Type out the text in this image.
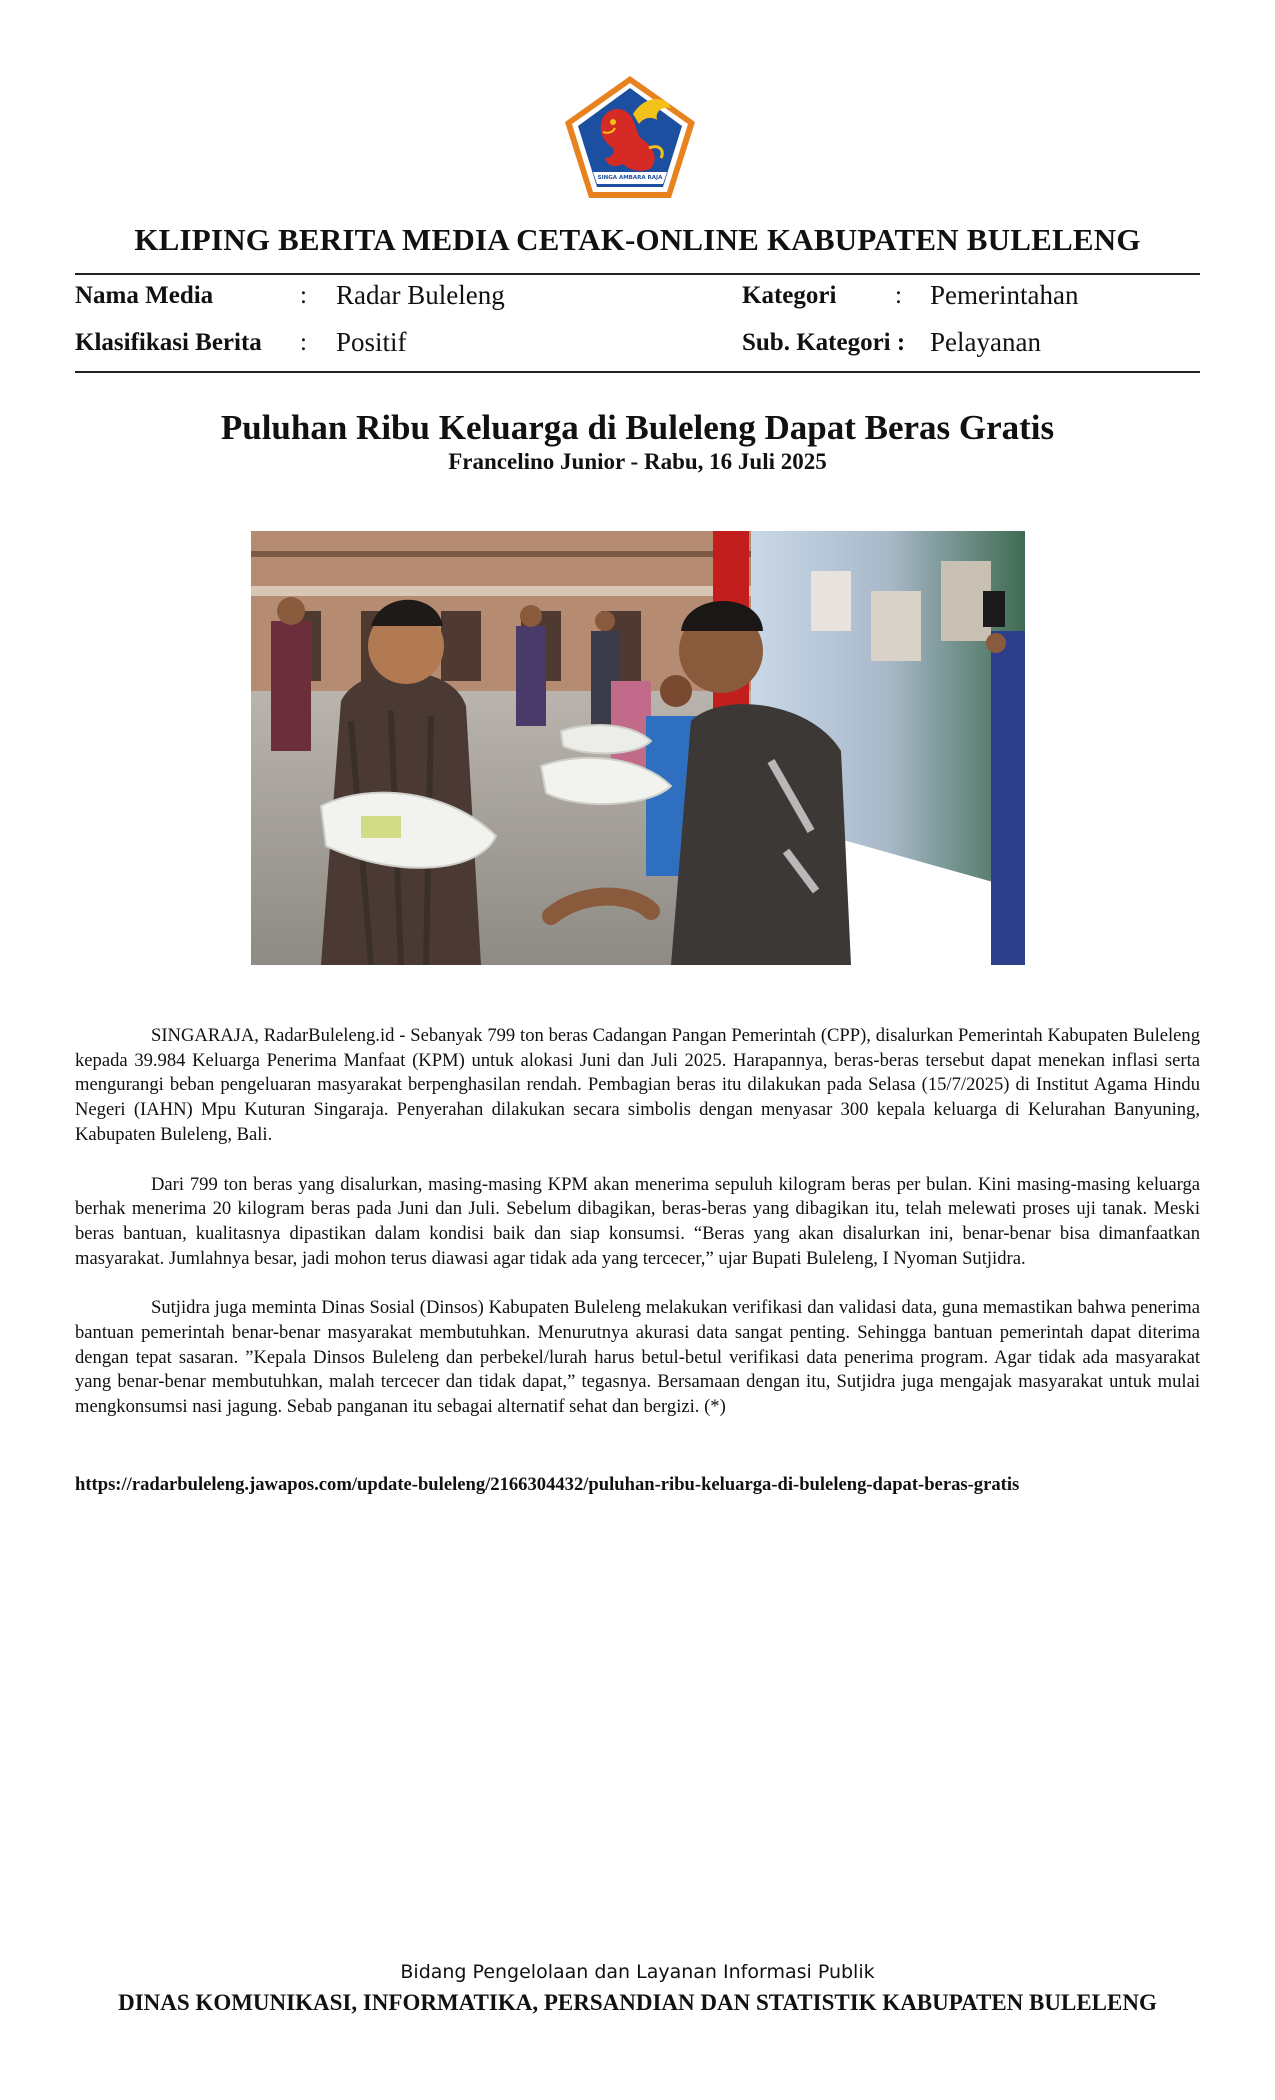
SINGA AMBARA RAJA
KLIPING BERITA MEDIA CETAK-ONLINE KABUPATEN BULELENG
Nama Media	: Radar Buleleng	Kategori : Pemerintahan
Klasifikasi Berita : Positif	Sub. Kategori : Pelayanan
Puluhan Ribu Keluarga di Buleleng Dapat Beras Gratis
Francelino Junior - Rabu, 16 Juli 2025

SINGARAJA, RadarBuleleng.id - Sebanyak 799 ton beras Cadangan Pangan Pemerintah (CPP), disalurkan Pemerintah Kabupaten Buleleng kepada 39.984 Keluarga Penerima Manfaat (KPM) untuk alokasi Juni dan Juli 2025. Harapannya, beras-beras tersebut dapat menekan inflasi serta mengurangi beban pengeluaran masyarakat berpenghasilan rendah. Pembagian beras itu dilakukan pada Selasa (15/7/2025) di Institut Agama Hindu Negeri (IAHN) Mpu Kuturan Singaraja. Penyerahan dilakukan secara simbolis dengan menyasar 300 kepala keluarga di Kelurahan Banyuning, Kabupaten Buleleng, Bali.

Dari 799 ton beras yang disalurkan, masing-masing KPM akan menerima sepuluh kilogram beras per bulan. Kini masing-masing keluarga berhak menerima 20 kilogram beras pada Juni dan Juli. Sebelum dibagikan, beras-beras yang dibagikan itu, telah melewati proses uji tanak. Meski beras bantuan, kualitasnya dipastikan dalam kondisi baik dan siap konsumsi. “Beras yang akan disalurkan ini, benar-benar bisa dimanfaatkan masyarakat. Jumlahnya besar, jadi mohon terus diawasi agar tidak ada yang tercecer,” ujar Bupati Buleleng, I Nyoman Sutjidra.

Sutjidra juga meminta Dinas Sosial (Dinsos) Kabupaten Buleleng melakukan verifikasi dan validasi data, guna memastikan bahwa penerima bantuan pemerintah benar-benar masyarakat membutuhkan. Menurutnya akurasi data sangat penting. Sehingga bantuan pemerintah dapat diterima dengan tepat sasaran. ”Kepala Dinsos Buleleng dan perbekel/lurah harus betul-betul verifikasi data penerima program. Agar tidak ada masyarakat yang benar-benar membutuhkan, malah tercecer dan tidak dapat,” tegasnya. Bersamaan dengan itu, Sutjidra juga mengajak masyarakat untuk mulai mengkonsumsi nasi jagung. Sebab panganan itu sebagai alternatif sehat dan bergizi. (*)

https://radarbuleleng.jawapos.com/update-buleleng/2166304432/puluhan-ribu-keluarga-di-buleleng-dapat-beras-gratis
Bidang Pengelolaan dan Layanan Informasi Publik
DINAS KOMUNIKASI, INFORMATIKA, PERSANDIAN DAN STATISTIK KABUPATEN BULELENG
